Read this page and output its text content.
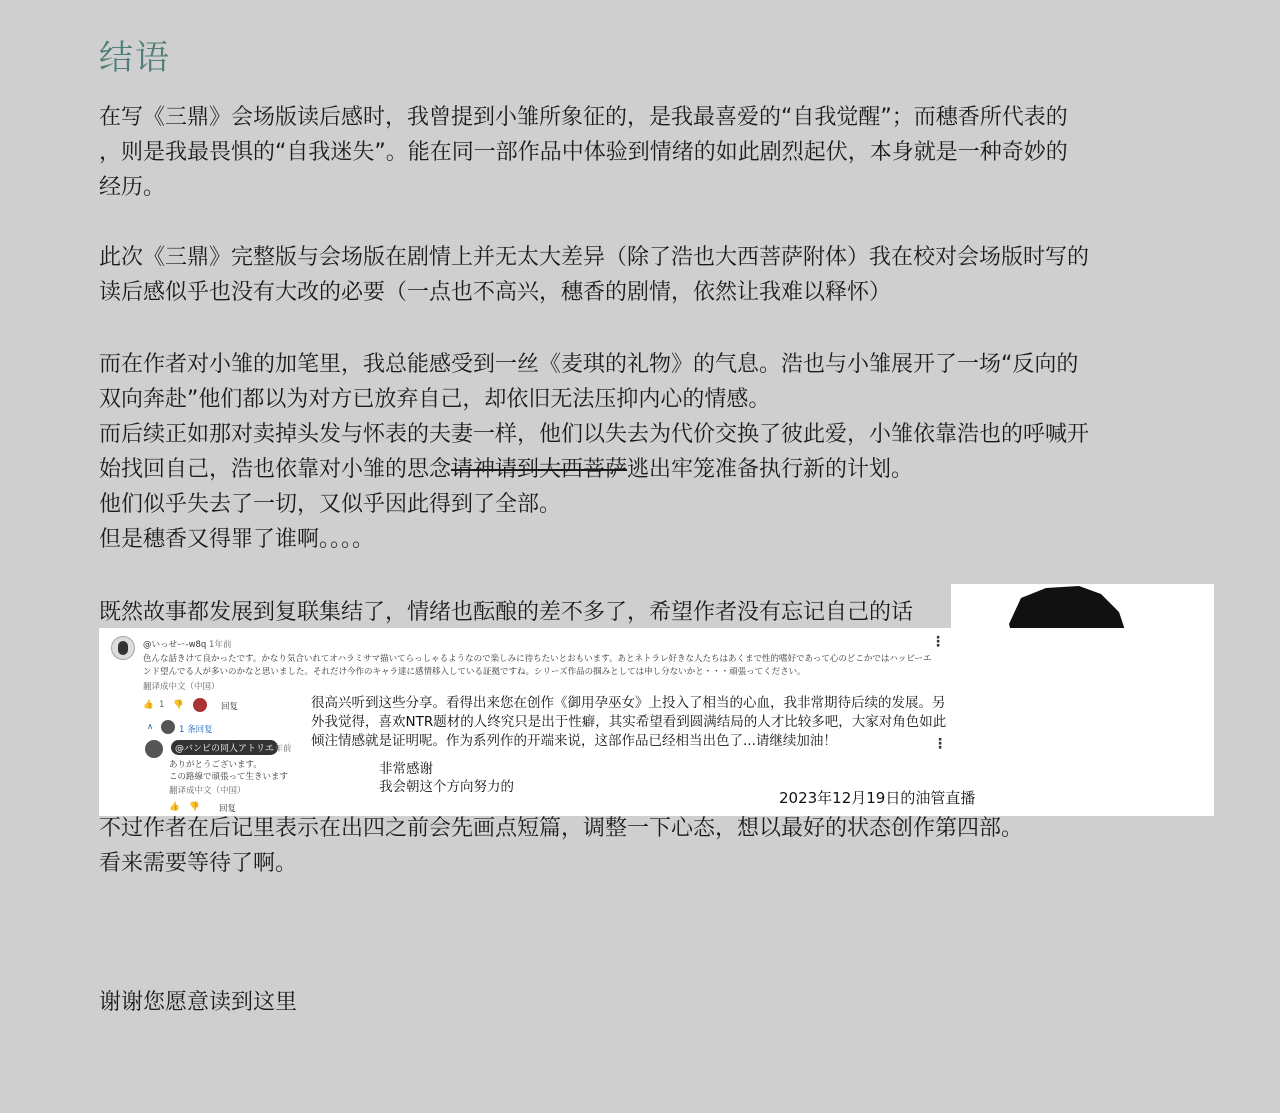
结语
在写《三鼎》会场版读后感时，我曾提到小雏所象征的，是我最喜爱的“自我觉醒”；而穗香所代表的
，则是我最畏惧的“自我迷失”。能在同一部作品中体验到情绪的如此剧烈起伏，本身就是一种奇妙的
经历。
此次《三鼎》完整版与会场版在剧情上并无太大差异（除了浩也大西菩萨附体）我在校对会场版时写的
读后感似乎也没有大改的必要（一点也不高兴，穗香的剧情，依然让我难以释怀）
而在作者对小雏的加笔里，我总能感受到一丝《麦琪的礼物》的气息。浩也与小雏展开了一场“反向的
双向奔赴”他们都以为对方已放弃自己，却依旧无法压抑内心的情感。
而后续正如那对卖掉头发与怀表的夫妻一样，他们以失去为代价交换了彼此爱，小雏依靠浩也的呼喊开
始找回自己，浩也依靠对小雏的思念请神请到大西菩萨逃出牢笼准备执行新的计划。
他们似乎失去了一切，又似乎因此得到了全部。
但是穗香又得罪了谁啊。。。。
既然故事都发展到复联集结了，情绪也酝酿的差不多了，希望作者没有忘记自己的话
@いっせー-w8q 1年前
色んな話きけて良かったです。かなり気合いれてオハラミサマ描いてらっしゃるようなので楽しみに待ちたいとおもいます。あとネトラレ好きな人たちはあくまで性的嗜好であって心のどこかではハッピーエ
ンド望んでる人が多いのかなと思いました。それだけ今作のキャラ達に感情移入している証拠ですね。シリーズ作品の掴みとしては申し分ないかと・・・頑張ってください。
翻译成中文（中国）
👍 1 👎	回复
∧	1 条回复
@バンビの同人アトリエ
1年前
ありがとうございます。
この路線で頑張って生きいます
翻译成中文（中国）
👍 👎 回复
⋮
⋮
很高兴听到这些分享。看得出来您在创作《御用孕巫女》上投入了相当的心血，我非常期待后续的发展。另
外我觉得，喜欢NTR题材的人终究只是出于性癖，其实希望看到圆满结局的人才比较多吧，大家对角色如此
倾注情感就是证明呢。作为系列作的开端来说，这部作品已经相当出色了...请继续加油！
非常感谢
我会朝这个方向努力的
2023年12月19日的油管直播
不过作者在后记里表示在出四之前会先画点短篇，调整一下心态，想以最好的状态创作第四部。
看来需要等待了啊。
谢谢您愿意读到这里
